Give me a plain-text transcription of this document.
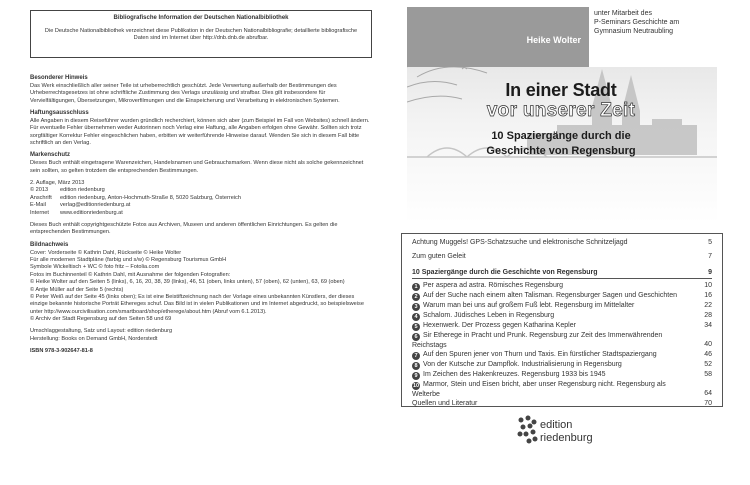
Bibliografische Information der Deutschen Nationalbibliothek
Die Deutsche Nationalbibliothek verzeichnet diese Publikation in der Deutschen Nationalbibliografie; detaillierte bibliografische Daten sind im Internet über http://dnb.dnb.de abrufbar.
Besonderer Hinweis
Das Werk einschließlich aller seiner Teile ist urheberrechtlich geschützt. Jede Verwertung außerhalb der Bestimmungen des Urheberrechtsgesetzes ist ohne schriftliche Zustimmung des Verlags unzulässig und strafbar. Dies gilt insbesondere für Vervielfältigungen, Übersetzungen, Mikroverfilmungen und die Einspeicherung und Verarbeitung in elektronischen Systemen.
Haftungsausschluss
Alle Angaben in diesem Reiseführer wurden gründlich recherchiert, können sich aber (zum Beispiel im Fall von Websites) schnell ändern. Für eventuelle Fehler übernehmen weder Autorinnen noch Verlag eine Haftung, alle Angaben erfolgen ohne Gewähr. Sollten sich trotz sorgfältiger Korrektur Fehler eingeschlichen haben, erbitten wir weiterführende Hinweise darauf. Wenden Sie sich in diesem Fall bitte schriftlich an den Verlag.
Markenschutz
Dieses Buch enthält eingetragene Warenzeichen, Handelsnamen und Gebrauchsmarken. Wenn diese nicht als solche gekennzeichnet sein sollten, so gelten trotzdem die entsprechenden Bestimmungen.
2. Auflage, März 2013
© 2013	edition riedenburg
Anschrift	edition riedenburg, Anton-Hochmuth-Straße 8, 5020 Salzburg, Österreich
E-Mail	verlag@editionriedenburg.at
Internet	www.editionriedenburg.at
Dieses Buch enthält copyrightgeschützte Fotos aus Archiven, Museen und anderen öffentlichen Einrichtungen. Es gelten die entsprechenden Bestimmungen.
Bildnachweis
Cover: Vorderseite © Kathrin Dahl, Rückseite © Heike Wolter
Für alle modernen Stadtpläne (farbig und s/w) © Regensburg Tourismus GmbH
Symbole Wickeltisch + WC © foto fritz – Fotolia.com
Fotos im Buchinnenteil © Kathrin Dahl, mit Ausnahme der folgenden Fotografien:
© Heike Wolter auf den Seiten 5 (links), 6, 16, 20, 38, 39 (links), 46, 51 (oben, links unten), 57 (oben), 62 (unten), 63, 69 (oben)
© Antje Müller auf der Seite 5 (rechts)
© Peter Weiß auf der Seite 45 (links oben); Es ist eine Beistiftzeichnung nach der Vorlage eines unbekannten Künstlers, der dieses einzige bekannte historische Porträt Ethereges schuf. Das Bild ist in vielen Publikationen und im Internet abgedruckt, so beispielsweise unter http://www.ourcivilisation.com/smartboard/shop/etherege/about.htm (Abruf vom 6.1.2013).
© Archiv der Stadt Regensburg auf den Seiten 58 und 69
Umschlaggestaltung, Satz und Layout: edition riedenburg
Herstellung: Books on Demand GmbH, Norderstedt
ISBN 978-3-902647-81-8
Heike Wolter
unter Mitarbeit des
P-Seminars Geschichte am
Gymnasium Neutraubling
In einer Stadt
vor unserer Zeit
10 Spaziergänge durch die
Geschichte von Regensburg
Achtung Muggels! GPS-Schatzsuche und elektronische Schnitzeljagd	5
Zum guten Geleit	7
10 Spaziergänge durch die Geschichte von Regensburg	9
1 Per aspera ad astra. Römisches Regensburg	10
2 Auf der Suche nach einem alten Talisman. Regensburger Sagen und Geschichten	16
3 Warum man bei uns auf großem Fuß lebt. Regensburg im Mittelalter	22
4 Schalom. Jüdisches Leben in Regensburg	28
5 Hexenwerk. Der Prozess gegen Katharina Kepler	34
6 Sir Etherege in Pracht und Prunk. Regensburg zur Zeit des Immerwährenden Reichstags	40
7 Auf den Spuren jener von Thurn und Taxis. Ein fürstlicher Stadtspaziergang	46
8 Von der Kutsche zur Dampflok. Industrialisierung in Regensburg	52
9 Im Zeichen des Hakenkreuzes. Regensburg 1933 bis 1945	58
10 Marmor, Stein und Eisen bricht, aber unser Regensburg nicht. Regensburg als Welterbe	64
Quellen und Literatur	70
edition
riedenburg
